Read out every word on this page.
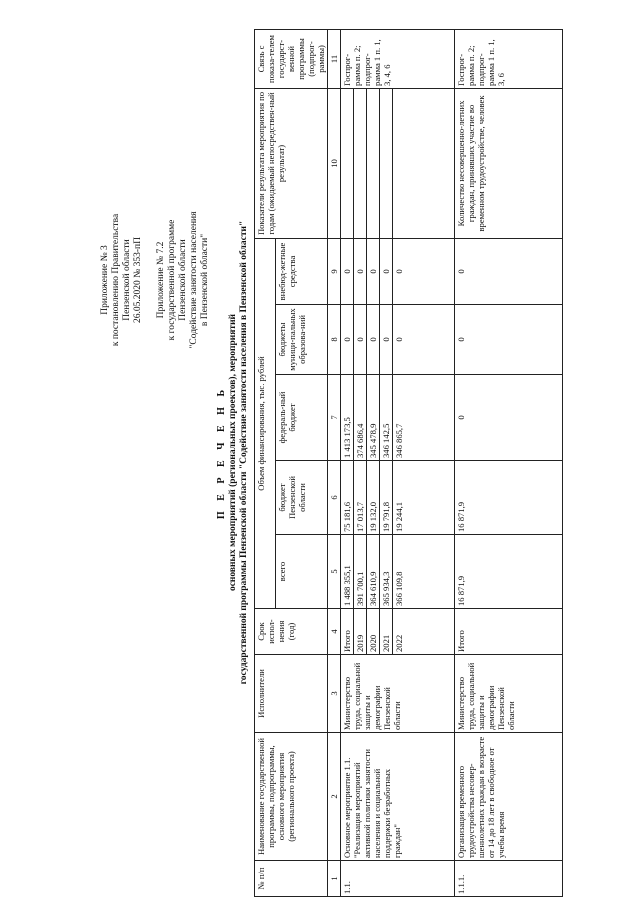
Приложение № 3 к постановлению Правительства Пензенской области 26.05.2020 № 353-пП Приложение № 7.2 к государственной программе Пензенской области "Содействие занятости населения в Пензенской области"
П Е Р Е Ч Е Н Ь основных мероприятий (региональных проектов), мероприятий государственной программы Пензенской области "Содействие занятости населения в Пензенской области"
№ п/п	Наименование государственной программы, подпрограммы, основного мероприятия (регионального проекта)	Исполнители	Срок испол-нения (год)	Объем финансирования, тыс. рублей					Показатели результата мероприятия по годам (ожидаемый непосредствен-ный результат)	Связь с показа-телем государст-венной программы (подпрог-раммы)
				всего	бюджет Пензенской области	федераль-ный бюджет	бюджеты муници-пальных образова-ний	внебюд-жетные средства		
1	2	3	4	5	6	7	8	9	10	11
1.1.	Основное мероприятие 1.1. "Реализация мероприятий активной политики занятости населения и социальной поддержки безработных граждан"	Министерство труда, социальной защиты и демографии Пензенской области	Итого	1 488 355,1	75 181,6	1 413 173,5	0	0		Госпрог-рамма п. 2; подпрог-рамма 1 п. 1, 3, 4, 6

			2019	391 700,1	17 013,7	374 686,4	0	0		
			2020	364 610,9	19 132,0	345 478,9	0	0		
			2021	365 934,3	19 791,8	346 142,5	0	0		
			2022	366 109,8	19 244,1	346 865,7	0	0		
1.1.1.	Организация временного трудоустройства несовер-шеннолетних граждан в возрасте от 14 до 18 лет в свободное от учебы время	Министерство труда, социальной защиты и демографии Пензенской области	Итого	16 871,9	16 871,9	0	0	0	Количество несовершенно-летних граждан, принявших участие во временном трудоустройстве, человек	Госпрог-рамма п. 2; подпрог-рамма 1 п. 1, 3, 6
